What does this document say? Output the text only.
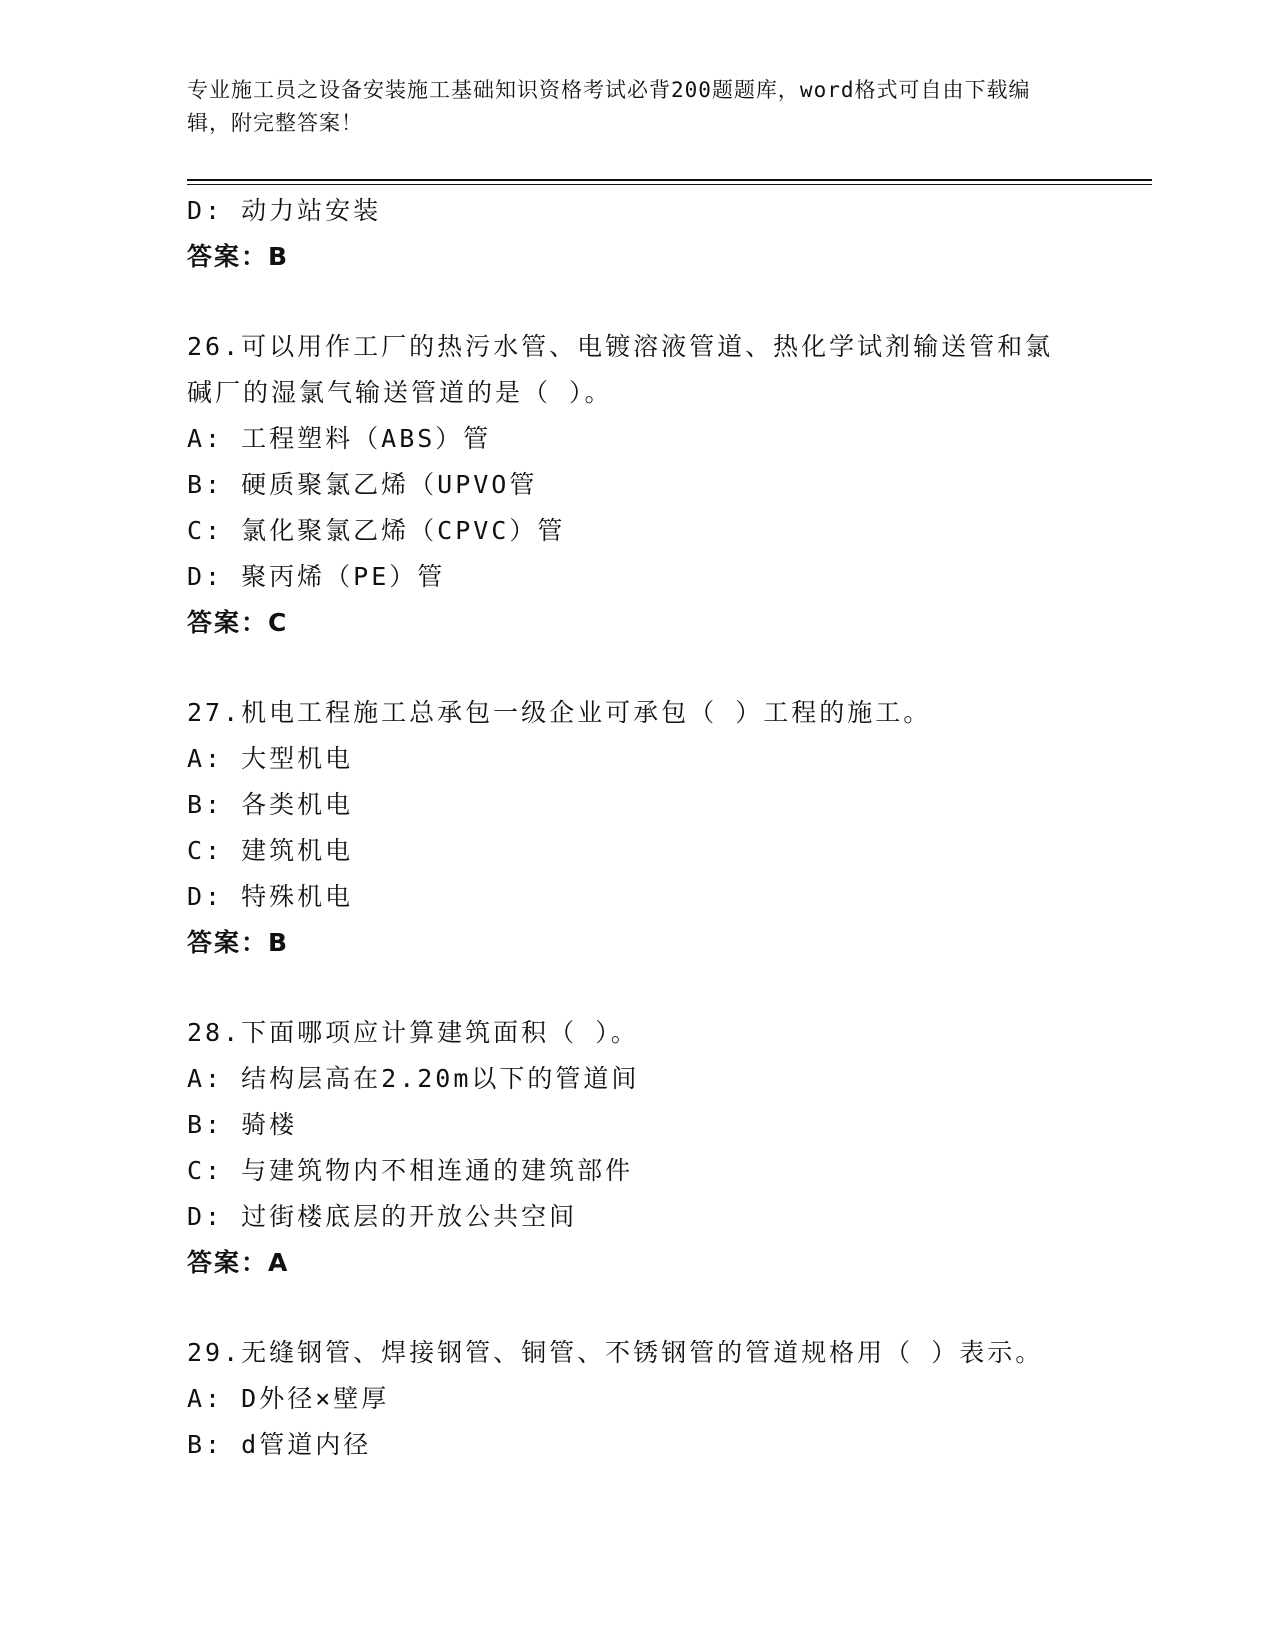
专业施工员之设备安装施工基础知识资格考试必背200题题库，word格式可自由下载编辑，附完整答案！
D: 动力站安装
答案：B
26.可以用作工厂的热污水管、电镀溶液管道、热化学试剂输送管和氯
碱厂的湿氯气输送管道的是（ ）。
A: 工程塑料（ABS）管
B: 硬质聚氯乙烯（UPVO管
C: 氯化聚氯乙烯（CPVC）管
D: 聚丙烯（PE）管
答案：C
27.机电工程施工总承包一级企业可承包（ ）工程的施工。
A: 大型机电
B: 各类机电
C: 建筑机电
D: 特殊机电
答案：B
28.下面哪项应计算建筑面积（ ）。
A: 结构层高在2.20m以下的管道间
B: 骑楼
C: 与建筑物内不相连通的建筑部件
D: 过街楼底层的开放公共空间
答案：A
29.无缝钢管、焊接钢管、铜管、不锈钢管的管道规格用（ ）表示。
A: D外径×壁厚
B: d管道内径
